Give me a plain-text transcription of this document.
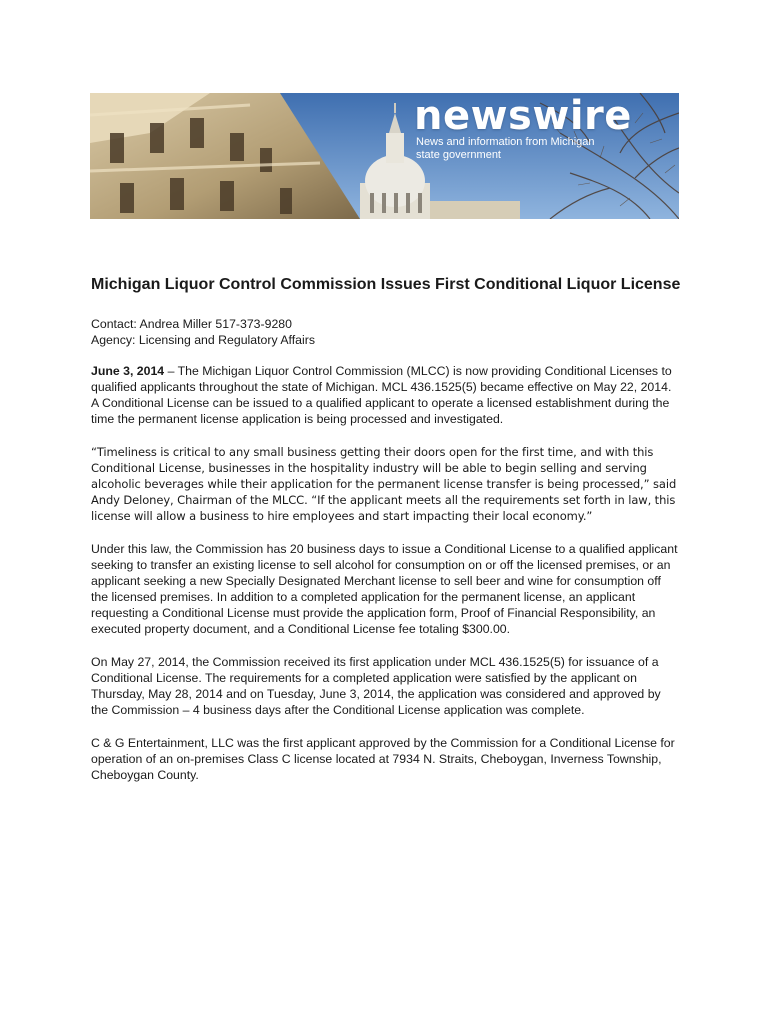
newswire
News and information from Michigan state government
Michigan Liquor Control Commission Issues First Conditional Liquor License

Contact: Andrea Miller 517-373-9280

Agency: Licensing and Regulatory Affairs

June 3, 2014 – The Michigan Liquor Control Commission (MLCC) is now providing Conditional Licenses to qualified applicants throughout the state of Michigan. MCL 436.1525(5) became effective on May 22, 2014. A Conditional License can be issued to a qualified applicant to operate a licensed establishment during the time the permanent license application is being processed and investigated.

“Timeliness is critical to any small business getting their doors open for the first time, and with this Conditional License, businesses in the hospitality industry will be able to begin selling and serving alcoholic beverages while their application for the permanent license transfer is being processed,” said Andy Deloney, Chairman of the MLCC. “If the applicant meets all the requirements set forth in law, this license will allow a business to hire employees and start impacting their local economy.”

Under this law, the Commission has 20 business days to issue a Conditional License to a qualified applicant seeking to transfer an existing license to sell alcohol for consumption on or off the licensed premises, or an applicant seeking a new Specially Designated Merchant license to sell beer and wine for consumption off the licensed premises. In addition to a completed application for the permanent license, an applicant requesting a Conditional License must provide the application form, Proof of Financial Responsibility, an executed property document, and a Conditional License fee totaling $300.00.

On May 27, 2014, the Commission received its first application under MCL 436.1525(5) for issuance of a Conditional License. The requirements for a completed application were satisfied by the applicant on Thursday, May 28, 2014 and on Tuesday, June 3, 2014, the application was considered and approved by the Commission – 4 business days after the Conditional License application was complete.

C & G Entertainment, LLC was the first applicant approved by the Commission for a Conditional License for operation of an on-premises Class C license located at 7934 N. Straits, Cheboygan, Inverness Township, Cheboygan County.
